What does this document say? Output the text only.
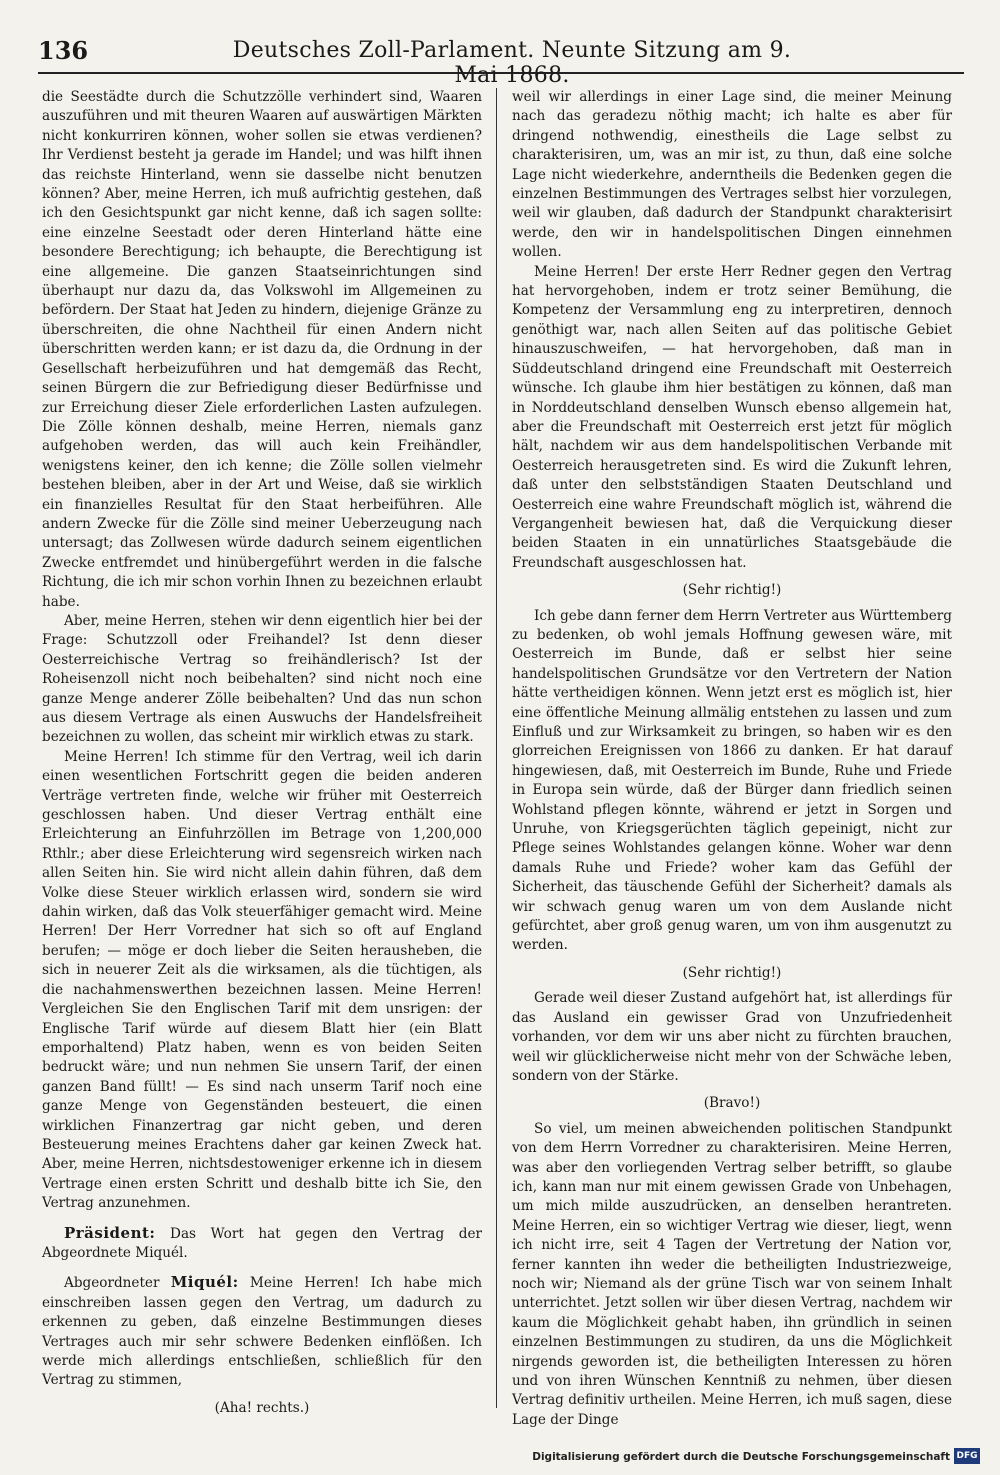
136	Deutsches Zoll-Parlament. Neunte Sitzung am 9. Mai 1868.

die Seestädte durch die Schutzzölle verhindert sind, Waaren auszuführen und mit theuren Waaren auf auswärtigen Märkten nicht konkurriren können, woher sollen sie etwas verdienen? Ihr Verdienst besteht ja gerade im Handel; und was hilft ihnen das reichste Hinterland, wenn sie dasselbe nicht benutzen können? Aber, meine Herren, ich muß aufrichtig gestehen, daß ich den Gesichtspunkt gar nicht kenne, daß ich sagen sollte: eine einzelne Seestadt oder deren Hinterland hätte eine besondere Berechtigung; ich behaupte, die Berechtigung ist eine allgemeine. Die ganzen Staatseinrichtungen sind überhaupt nur dazu da, das Volkswohl im Allgemeinen zu befördern. Der Staat hat Jeden zu hindern, diejenige Gränze zu überschreiten, die ohne Nachtheil für einen Andern nicht überschritten werden kann; er ist dazu da, die Ordnung in der Gesellschaft herbeizuführen und hat demgemäß das Recht, seinen Bürgern die zur Befriedigung dieser Bedürfnisse und zur Erreichung dieser Ziele erforderlichen Lasten aufzulegen. Die Zölle können deshalb, meine Herren, niemals ganz aufgehoben werden, das will auch kein Freihändler, wenigstens keiner, den ich kenne; die Zölle sollen vielmehr bestehen bleiben, aber in der Art und Weise, daß sie wirklich ein finanzielles Resultat für den Staat herbeiführen. Alle andern Zwecke für die Zölle sind meiner Ueberzeugung nach untersagt; das Zollwesen würde dadurch seinem eigentlichen Zwecke entfremdet und hinübergeführt werden in die falsche Richtung, die ich mir schon vorhin Ihnen zu bezeichnen erlaubt habe.

Aber, meine Herren, stehen wir denn eigentlich hier bei der Frage: Schutzzoll oder Freihandel? Ist denn dieser Oesterreichische Vertrag so freihändlerisch? Ist der Roheisenzoll nicht noch beibehalten? sind nicht noch eine ganze Menge anderer Zölle beibehalten? Und das nun schon aus diesem Vertrage als einen Auswuchs der Handelsfreiheit bezeichnen zu wollen, das scheint mir wirklich etwas zu stark.

Meine Herren! Ich stimme für den Vertrag, weil ich darin einen wesentlichen Fortschritt gegen die beiden anderen Verträge vertreten finde, welche wir früher mit Oesterreich geschlossen haben. Und dieser Vertrag enthält eine Erleichterung an Einfuhrzöllen im Betrage von 1,200,000 Rthlr.; aber diese Erleichterung wird segensreich wirken nach allen Seiten hin. Sie wird nicht allein dahin führen, daß dem Volke diese Steuer wirklich erlassen wird, sondern sie wird dahin wirken, daß das Volk steuerfähiger gemacht wird. Meine Herren! Der Herr Vorredner hat sich so oft auf England berufen; — möge er doch lieber die Seiten herausheben, die sich in neuerer Zeit als die wirksamen, als die tüchtigen, als die nachahmenswerthen bezeichnen lassen. Meine Herren! Vergleichen Sie den Englischen Tarif mit dem unsrigen: der Englische Tarif würde auf diesem Blatt hier (ein Blatt emporhaltend) Platz haben, wenn es von beiden Seiten bedruckt wäre; und nun nehmen Sie unsern Tarif, der einen ganzen Band füllt! — Es sind nach unserm Tarif noch eine ganze Menge von Gegenständen besteuert, die einen wirklichen Finanzertrag gar nicht geben, und deren Besteuerung meines Erachtens daher gar keinen Zweck hat. Aber, meine Herren, nichtsdestoweniger erkenne ich in diesem Vertrage einen ersten Schritt und deshalb bitte ich Sie, den Vertrag anzunehmen.

Präsident: Das Wort hat gegen den Vertrag der Abgeordnete Miquél.

Abgeordneter Miquél: Meine Herren! Ich habe mich einschreiben lassen gegen den Vertrag, um dadurch zu erkennen zu geben, daß einzelne Bestimmungen dieses Vertrages auch mir sehr schwere Bedenken einflößen. Ich werde mich allerdings entschließen, schließlich für den Vertrag zu stimmen,

(Aha! rechts.)

weil wir allerdings in einer Lage sind, die meiner Meinung nach das geradezu nöthig macht; ich halte es aber für dringend nothwendig, einestheils die Lage selbst zu charakterisiren, um, was an mir ist, zu thun, daß eine solche Lage nicht wiederkehre, anderntheils die Bedenken gegen die einzelnen Bestimmungen des Vertrages selbst hier vorzulegen, weil wir glauben, daß dadurch der Standpunkt charakterisirt werde, den wir in handelspolitischen Dingen einnehmen wollen.

Meine Herren! Der erste Herr Redner gegen den Vertrag hat hervorgehoben, indem er trotz seiner Bemühung, die Kompetenz der Versammlung eng zu interpretiren, dennoch genöthigt war, nach allen Seiten auf das politische Gebiet hinauszuschweifen, — hat hervorgehoben, daß man in Süddeutschland dringend eine Freundschaft mit Oesterreich wünsche. Ich glaube ihm hier bestätigen zu können, daß man in Norddeutschland denselben Wunsch ebenso allgemein hat, aber die Freundschaft mit Oesterreich erst jetzt für möglich hält, nachdem wir aus dem handelspolitischen Verbande mit Oesterreich herausgetreten sind. Es wird die Zukunft lehren, daß unter den selbstständigen Staaten Deutschland und Oesterreich eine wahre Freundschaft möglich ist, während die Vergangenheit bewiesen hat, daß die Verquickung dieser beiden Staaten in ein unnatürliches Staatsgebäude die Freundschaft ausgeschlossen hat.

(Sehr richtig!)

Ich gebe dann ferner dem Herrn Vertreter aus Württemberg zu bedenken, ob wohl jemals Hoffnung gewesen wäre, mit Oesterreich im Bunde, daß er selbst hier seine handelspolitischen Grundsätze vor den Vertretern der Nation hätte vertheidigen können. Wenn jetzt erst es möglich ist, hier eine öffentliche Meinung allmälig entstehen zu lassen und zum Einfluß und zur Wirksamkeit zu bringen, so haben wir es den glorreichen Ereignissen von 1866 zu danken. Er hat darauf hingewiesen, daß, mit Oesterreich im Bunde, Ruhe und Friede in Europa sein würde, daß der Bürger dann friedlich seinen Wohlstand pflegen könnte, während er jetzt in Sorgen und Unruhe, von Kriegsgerüchten täglich gepeinigt, nicht zur Pflege seines Wohlstandes gelangen könne. Woher war denn damals Ruhe und Friede? woher kam das Gefühl der Sicherheit, das täuschende Gefühl der Sicherheit? damals als wir schwach genug waren um von dem Auslande nicht gefürchtet, aber groß genug waren, um von ihm ausgenutzt zu werden.

(Sehr richtig!)

Gerade weil dieser Zustand aufgehört hat, ist allerdings für das Ausland ein gewisser Grad von Unzufriedenheit vorhanden, vor dem wir uns aber nicht zu fürchten brauchen, weil wir glücklicherweise nicht mehr von der Schwäche leben, sondern von der Stärke.

(Bravo!)

So viel, um meinen abweichenden politischen Standpunkt von dem Herrn Vorredner zu charakterisiren. Meine Herren, was aber den vorliegenden Vertrag selber betrifft, so glaube ich, kann man nur mit einem gewissen Grade von Unbehagen, um mich milde auszudrücken, an denselben herantreten. Meine Herren, ein so wichtiger Vertrag wie dieser, liegt, wenn ich nicht irre, seit 4 Tagen der Vertretung der Nation vor, ferner kannten ihn weder die betheiligten Industriezweige, noch wir; Niemand als der grüne Tisch war von seinem Inhalt unterrichtet. Jetzt sollen wir über diesen Vertrag, nachdem wir kaum die Möglichkeit gehabt haben, ihn gründlich in seinen einzelnen Bestimmungen zu studiren, da uns die Möglichkeit nirgends geworden ist, die betheiligten Interessen zu hören und von ihren Wünschen Kenntniß zu nehmen, über diesen Vertrag definitiv urtheilen. Meine Herren, ich muß sagen, diese Lage der Dinge

Digitalisierung gefördert durch die Deutsche Forschungsgemeinschaft DFG
